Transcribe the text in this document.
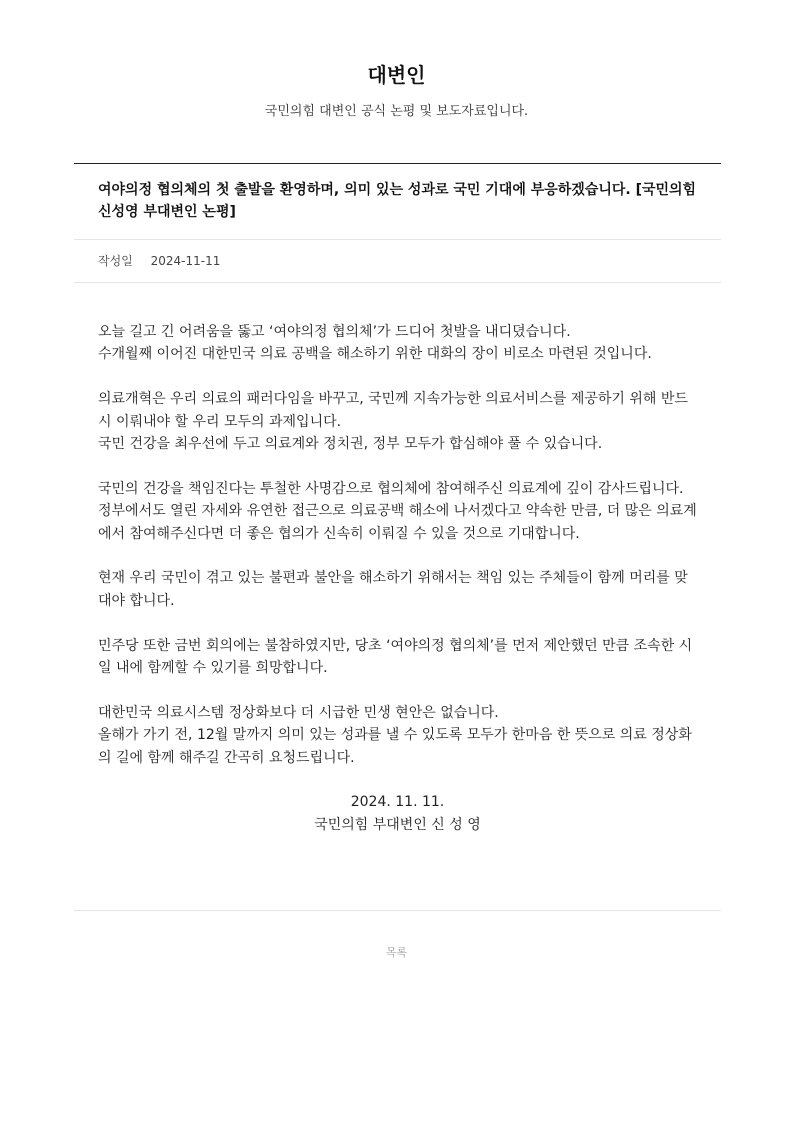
대변인

국민의힘 대변인 공식 논평 및 보도자료입니다.

여야의정 협의체의 첫 출발을 환영하며, 의미 있는 성과로 국민 기대에 부응하겠습니다. [국민의힘 신성영 부대변인 논평]
작성일 2024-11-11

오늘 길고 긴 어려움을 뚫고 ‘여야의정 협의체’가 드디어 첫발을 내디뎠습니다.
수개월째 이어진 대한민국 의료 공백을 해소하기 위한 대화의 장이 비로소 마련된 것입니다.

의료개혁은 우리 의료의 패러다임을 바꾸고, 국민께 지속가능한 의료서비스를 제공하기 위해 반드시 이뤄내야 할 우리 모두의 과제입니다.
국민 건강을 최우선에 두고 의료계와 정치권, 정부 모두가 합심해야 풀 수 있습니다.

국민의 건강을 책임진다는 투철한 사명감으로 협의체에 참여해주신 의료계에 깊이 감사드립니다.
정부에서도 열린 자세와 유연한 접근으로 의료공백 해소에 나서겠다고 약속한 만큼, 더 많은 의료계에서 참여해주신다면 더 좋은 협의가 신속히 이뤄질 수 있을 것으로 기대합니다.

현재 우리 국민이 겪고 있는 불편과 불안을 해소하기 위해서는 책임 있는 주체들이 함께 머리를 맞대야 합니다.

민주당 또한 금번 회의에는 불참하였지만, 당초 ‘여야의정 협의체’를 먼저 제안했던 만큼 조속한 시일 내에 함께할 수 있기를 희망합니다.

대한민국 의료시스템 정상화보다 더 시급한 민생 현안은 없습니다.
올해가 가기 전, 12월 말까지 의미 있는 성과를 낼 수 있도록 모두가 한마음 한 뜻으로 의료 정상화의 길에 함께 해주길 간곡히 요청드립니다.

2024. 11. 11.
국민의힘 부대변인 신 성 영
목록
